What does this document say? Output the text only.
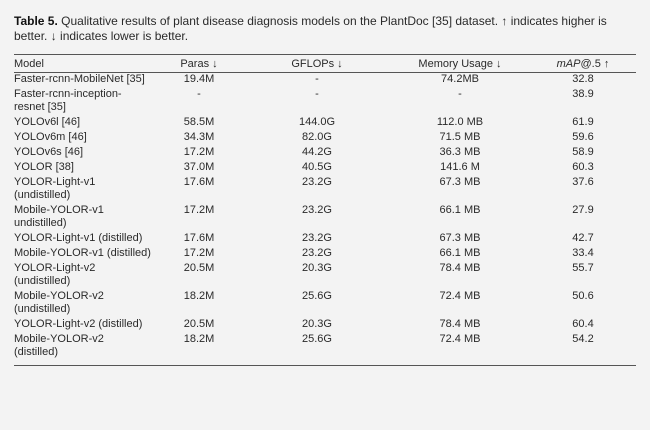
Table 5. Qualitative results of plant disease diagnosis models on the PlantDoc [35] dataset. ↑ indicates higher is better. ↓ indicates lower is better.
Model	Paras ↓	GFLOPs ↓	Memory Usage ↓	mAP@.5 ↑
Faster-rcnn-MobileNet [35]	19.4M	-	74.2MB	32.8
Faster-rcnn-inception-
resnet [35]	-	-	-	38.9
YOLOv6l [46]	58.5M	144.0G	112.0 MB	61.9
YOLOv6m [46]	34.3M	82.0G	71.5 MB	59.6
YOLOv6s [46]	17.2M	44.2G	36.3 MB	58.9
YOLOR [38]	37.0M	40.5G	141.6 M	60.3
YOLOR-Light-v1
(undistilled)	17.6M	23.2G	67.3 MB	37.6
Mobile-YOLOR-v1
undistilled)	17.2M	23.2G	66.1 MB	27.9
YOLOR-Light-v1 (distilled)	17.6M	23.2G	67.3 MB	42.7
Mobile-YOLOR-v1 (distilled)	17.2M	23.2G	66.1 MB	33.4
YOLOR-Light-v2
(undistilled)	20.5M	20.3G	78.4 MB	55.7
Mobile-YOLOR-v2
(undistilled)	18.2M	25.6G	72.4 MB	50.6
YOLOR-Light-v2 (distilled)	20.5M	20.3G	78.4 MB	60.4
Mobile-YOLOR-v2
(distilled)	18.2M	25.6G	72.4 MB	54.2
